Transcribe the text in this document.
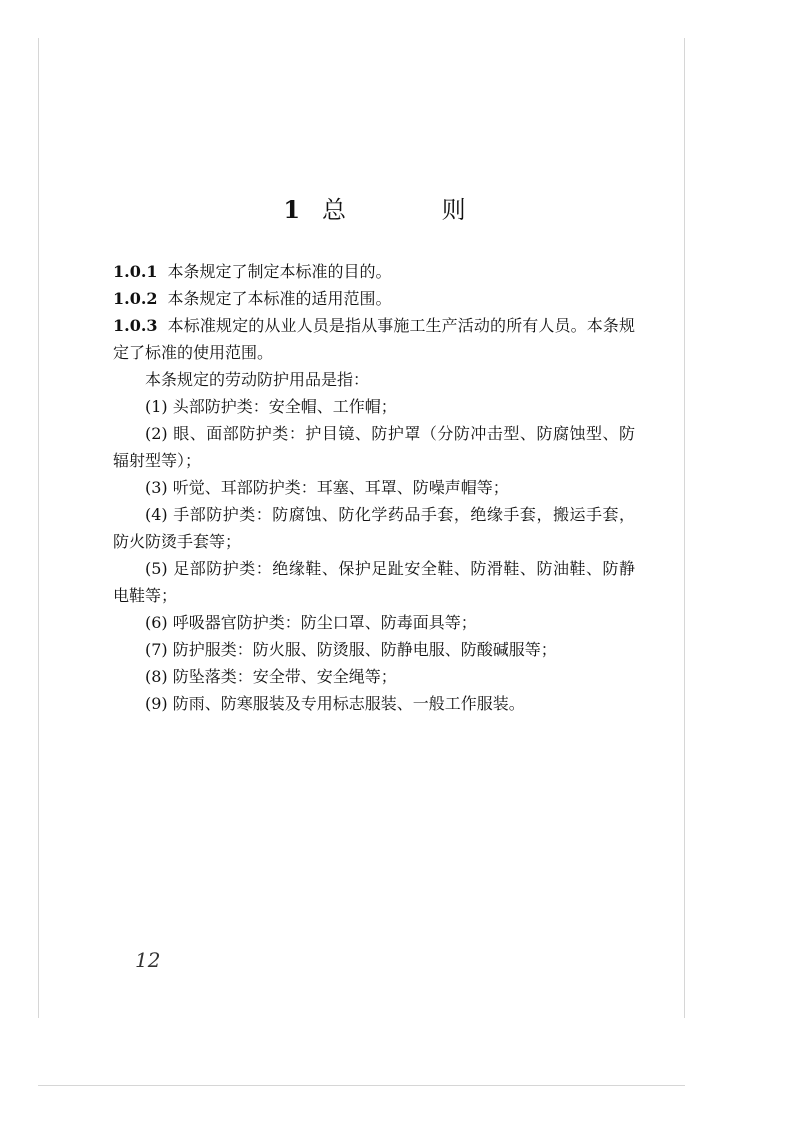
1 总 则

1.0.1 本条规定了制定本标准的目的。

1.0.2 本条规定了本标准的适用范围。

1.0.3 本标准规定的从业人员是指从事施工生产活动的所有人员。本条规定了标准的使用范围。

本条规定的劳动防护用品是指：

(1) 头部防护类：安全帽、工作帽；

(2) 眼、面部防护类：护目镜、防护罩（分防冲击型、防腐蚀型、防辐射型等）；

(3) 听觉、耳部防护类：耳塞、耳罩、防噪声帽等；

(4) 手部防护类：防腐蚀、防化学药品手套，绝缘手套，搬运手套，防火防烫手套等；

(5) 足部防护类：绝缘鞋、保护足趾安全鞋、防滑鞋、防油鞋、防静电鞋等；

(6) 呼吸器官防护类：防尘口罩、防毒面具等；

(7) 防护服类：防火服、防烫服、防静电服、防酸碱服等；

(8) 防坠落类：安全带、安全绳等；

(9) 防雨、防寒服装及专用标志服装、一般工作服装。

12
